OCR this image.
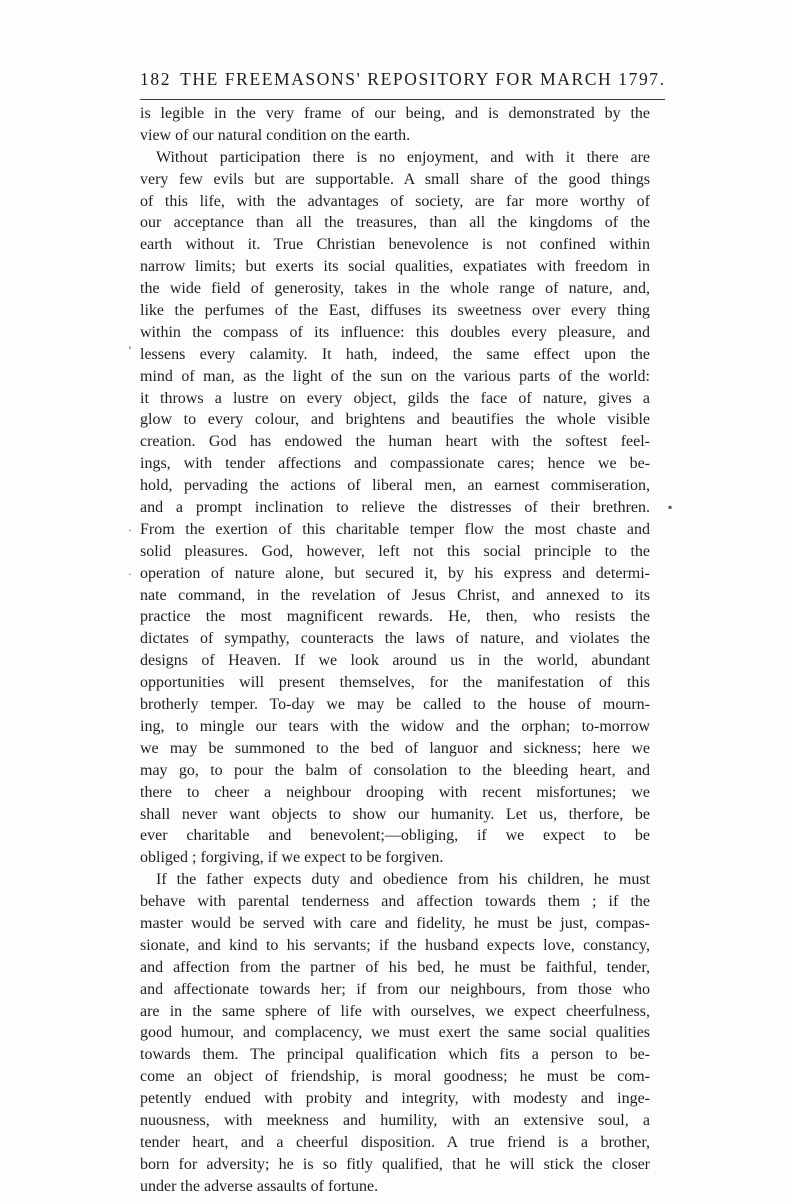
182 THE FREEMASONS' REPOSITORY FOR MARCH 1797.
‘
▪
·
·
is legible in the very frame of our being, and is demonstrated by the
view of our natural condition on the earth.
Without participation there is no enjoyment, and with it there are
very few evils but are supportable. A small share of the good things
of this life, with the advantages of society, are far more worthy of
our acceptance than all the treasures, than all the kingdoms of the
earth without it. True Christian benevolence is not confined within
narrow limits; but exerts its social qualities, expatiates with freedom in
the wide field of generosity, takes in the whole range of nature, and,
like the perfumes of the East, diffuses its sweetness over every thing
within the compass of its influence: this doubles every pleasure, and
lessens every calamity. It hath, indeed, the same effect upon the
mind of man, as the light of the sun on the various parts of the world:
it throws a lustre on every object, gilds the face of nature, gives a
glow to every colour, and brightens and beautifies the whole visible
creation. God has endowed the human heart with the softest feel-
ings, with tender affections and compassionate cares; hence we be-
hold, pervading the actions of liberal men, an earnest commiseration,
and a prompt inclination to relieve the distresses of their brethren.
From the exertion of this charitable temper flow the most chaste and
solid pleasures. God, however, left not this social principle to the
operation of nature alone, but secured it, by his express and determi-
nate command, in the revelation of Jesus Christ, and annexed to its
practice the most magnificent rewards. He, then, who resists the
dictates of sympathy, counteracts the laws of nature, and violates the
designs of Heaven. If we look around us in the world, abundant
opportunities will present themselves, for the manifestation of this
brotherly temper. To-day we may be called to the house of mourn-
ing, to mingle our tears with the widow and the orphan; to-morrow
we may be summoned to the bed of languor and sickness; here we
may go, to pour the balm of consolation to the bleeding heart, and
there to cheer a neighbour drooping with recent misfortunes; we
shall never want objects to show our humanity. Let us, therfore, be
ever charitable and benevolent;—obliging, if we expect to be
obliged ; forgiving, if we expect to be forgiven.
If the father expects duty and obedience from his children, he must
behave with parental tenderness and affection towards them ; if the
master would be served with care and fidelity, he must be just, compas-
sionate, and kind to his servants; if the husband expects love, constancy,
and affection from the partner of his bed, he must be faithful, tender,
and affectionate towards her; if from our neighbours, from those who
are in the same sphere of life with ourselves, we expect cheerfulness,
good humour, and complacency, we must exert the same social qualities
towards them. The principal qualification which fits a person to be-
come an object of friendship, is moral goodness; he must be com-
petently endued with probity and integrity, with modesty and inge-
nuousness, with meekness and humility, with an extensive soul, a
tender heart, and a cheerful disposition. A true friend is a brother,
born for adversity; he is so fitly qualified, that he will stick the closer
under the adverse assaults of fortune.
